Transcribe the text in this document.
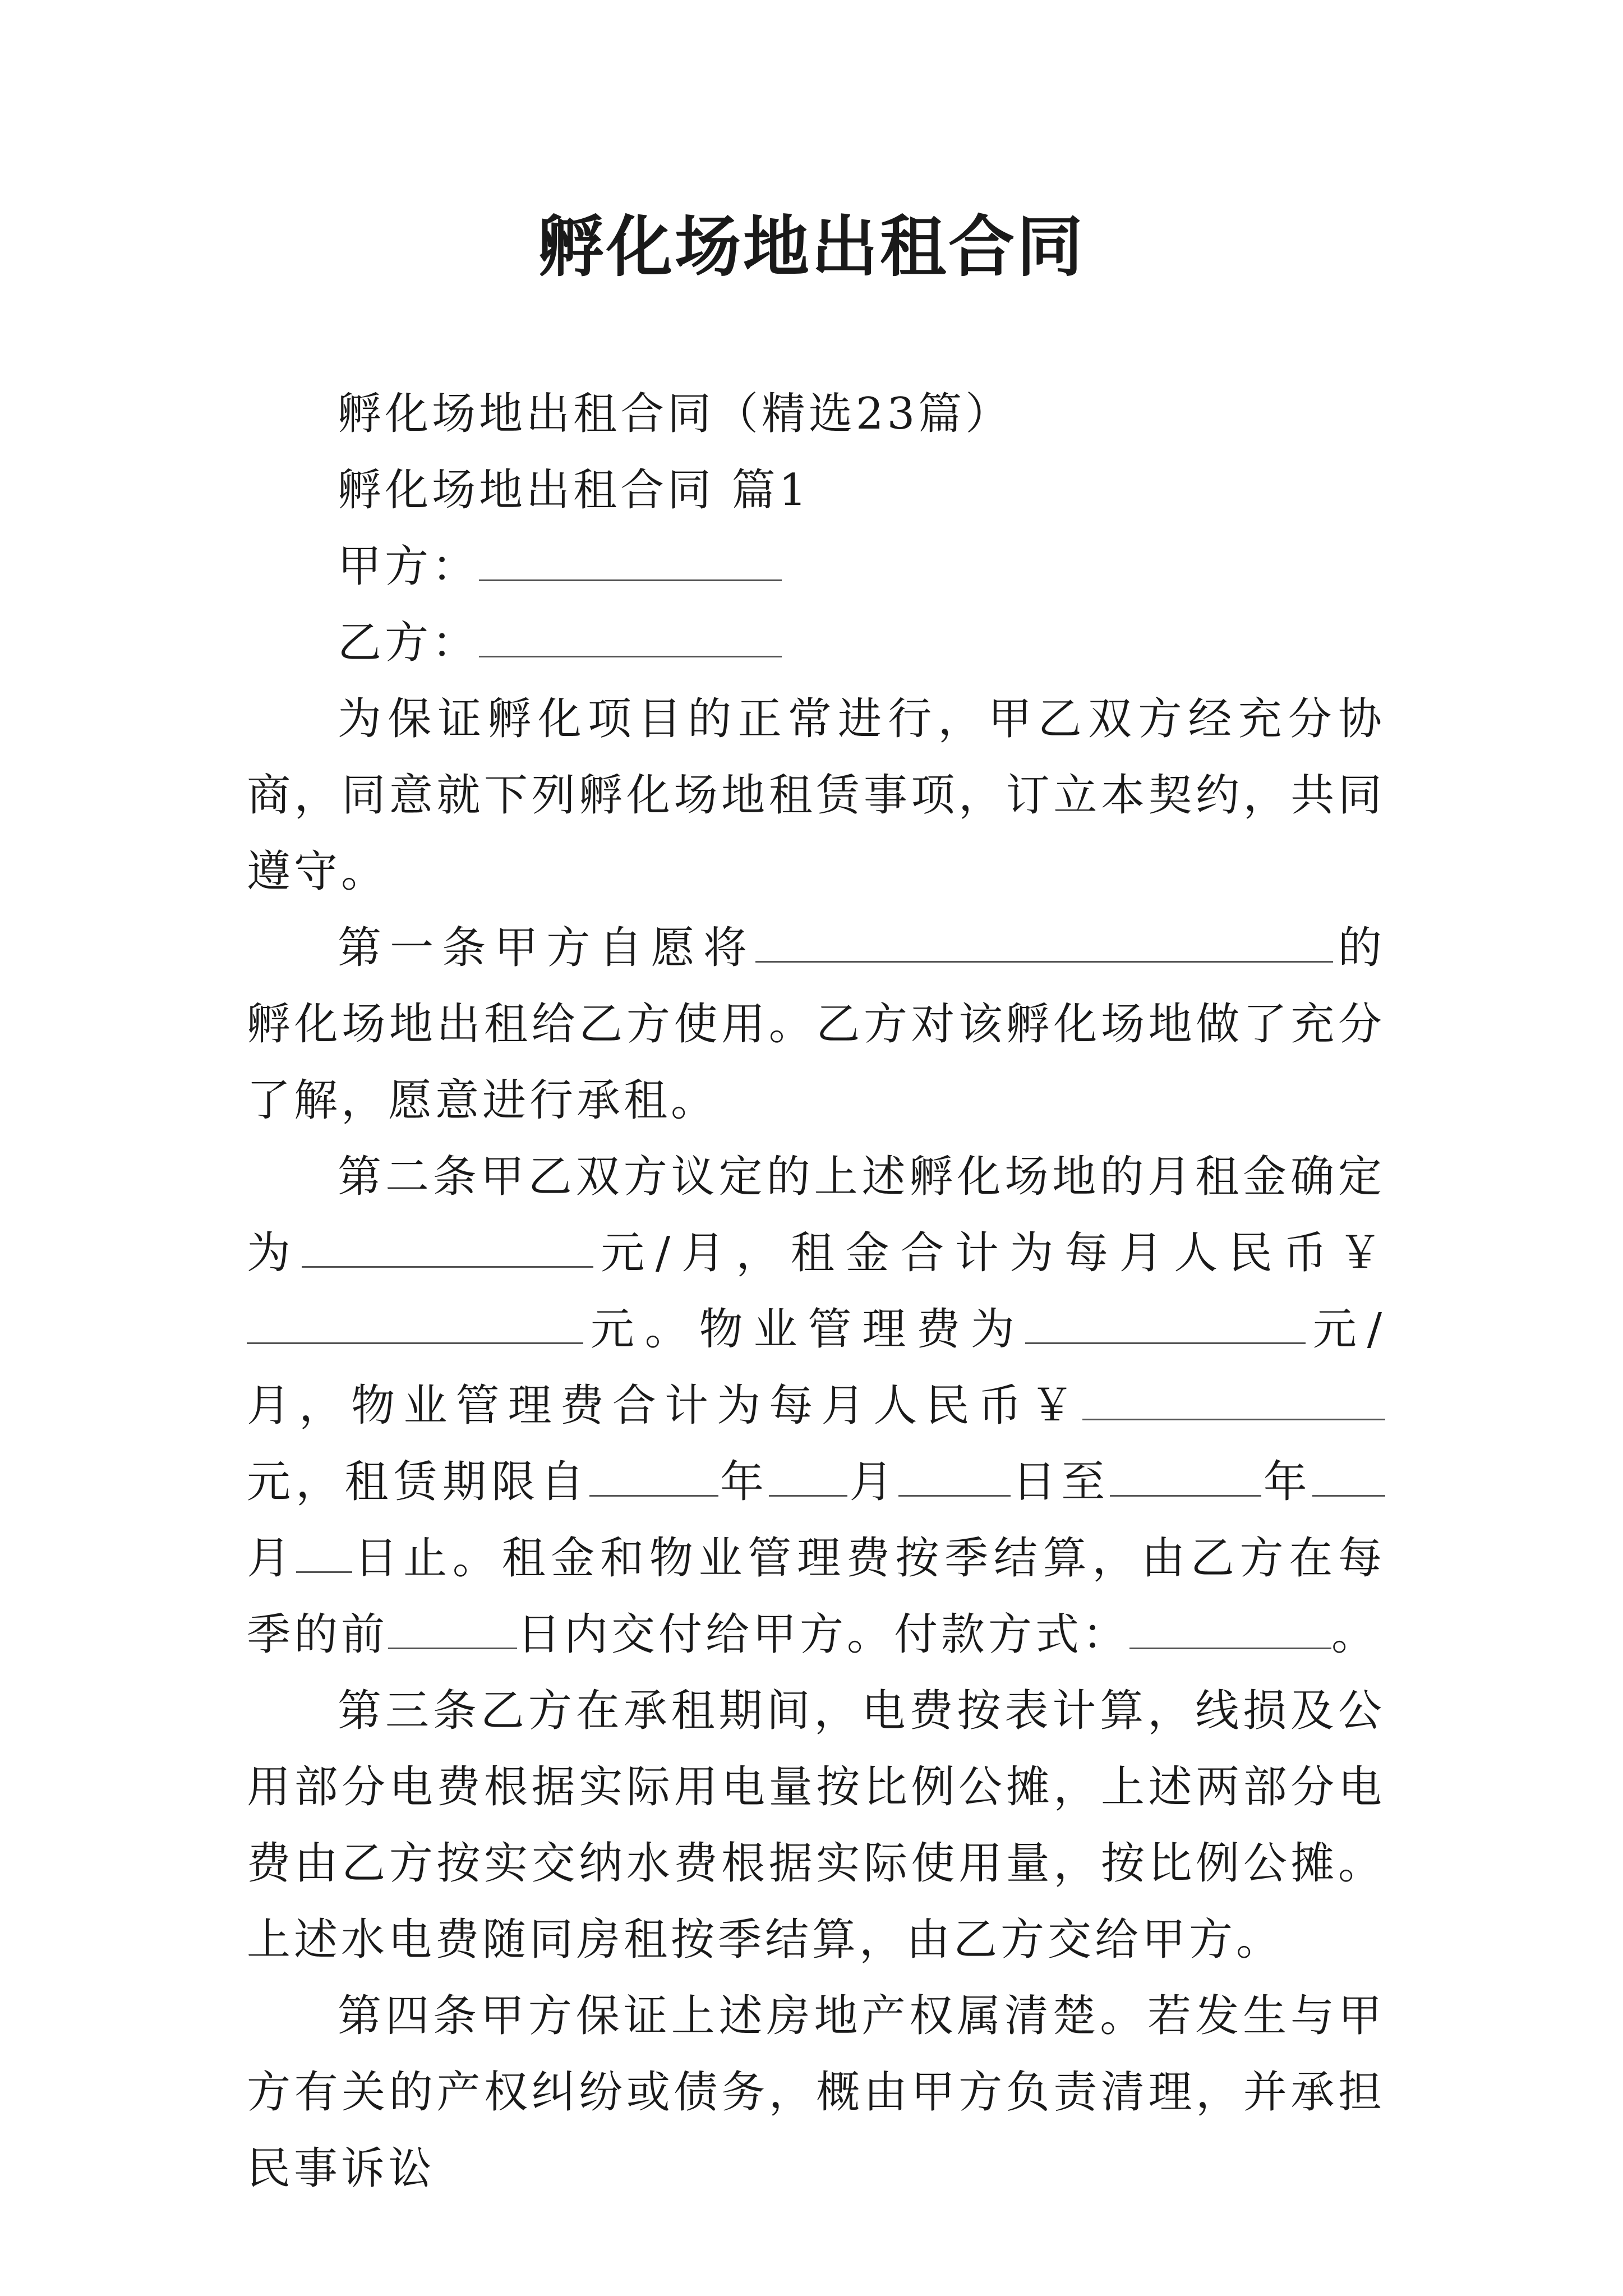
孵化场地出租合同

孵化场地出租合同（精选23篇）

孵化场地出租合同 篇1

甲方：

乙方：

为保证孵化项目的正常进行，甲乙双方经充分协商，同意就下列孵化场地租赁事项，订立本契约，共同遵守。

第一条甲方自愿将	的孵化场地出租给乙方使用。乙方对该孵化场地做了充分了解，愿意进行承租。

第二条甲乙双方议定的上述孵化场地的月租金确定为	元/月，租金合计为每月人民币￥元。物业管理费为	元/月，物业管理费合计为每月人民币￥元，租赁期限自	年 月	日至	年月 日止。租金和物业管理费按季结算，由乙方在每季的前	日内交付给甲方。付款方式：	。

第三条乙方在承租期间，电费按表计算，线损及公用部分电费根据实际用电量按比例公摊，上述两部分电费由乙方按实交纳水费根据实际使用量，按比例公摊。上述水电费随同房租按季结算，由乙方交给甲方。

第四条甲方保证上述房地产权属清楚。若发生与甲方有关的产权纠纷或债务，概由甲方负责清理，并承担民事诉讼
